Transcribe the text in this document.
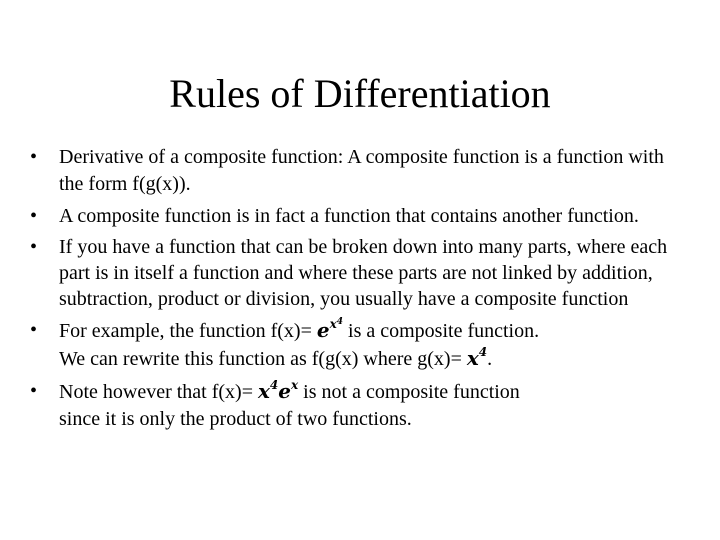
Rules of Differentiation
• Derivative of a composite function: A composite function is a function with the form f(g(x)).
• A composite function is in fact a function that contains another function.
• If you have a function that can be broken down into many parts, where each part is in itself a function and where these parts are not linked by addition, subtraction, product or division, you usually have a composite function
• For example, the function $f(x)= e^{x^4}$ is a composite function.
We can rewrite this function as f(g(x) where $g(x)= x^4$.
• Note however that $f(x)= x^4e^x$ is not a composite function
since it is only the product of two functions.
